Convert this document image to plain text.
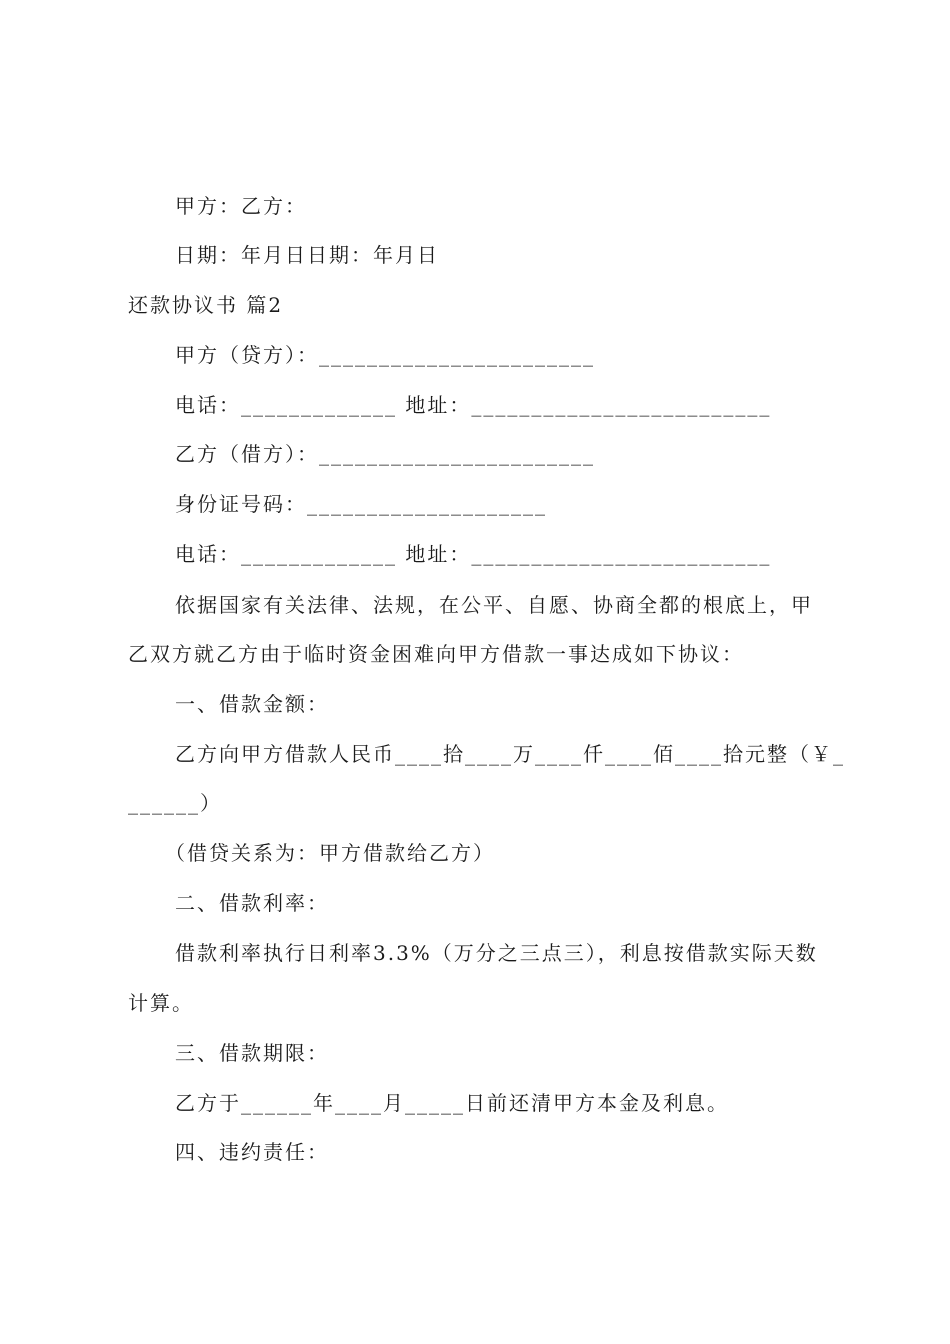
甲方：乙方：
日期：年月日日期：年月日
还款协议书 篇2
甲方（贷方）：_______________________
电话：_____________ 地址：_________________________
乙方（借方）：_______________________
身份证号码：____________________
电话：_____________ 地址：_________________________
依据国家有关法律、法规，在公平、自愿、协商全都的根底上，甲
乙双方就乙方由于临时资金困难向甲方借款一事达成如下协议：
一、借款金额：
乙方向甲方借款人民币____拾____万____仟____佰____拾元整（￥_
______）
（借贷关系为：甲方借款给乙方）
二、借款利率：
借款利率执行日利率3.3%（万分之三点三），利息按借款实际天数
计算。
三、借款期限：
乙方于______年____月_____日前还清甲方本金及利息。
四、违约责任：
